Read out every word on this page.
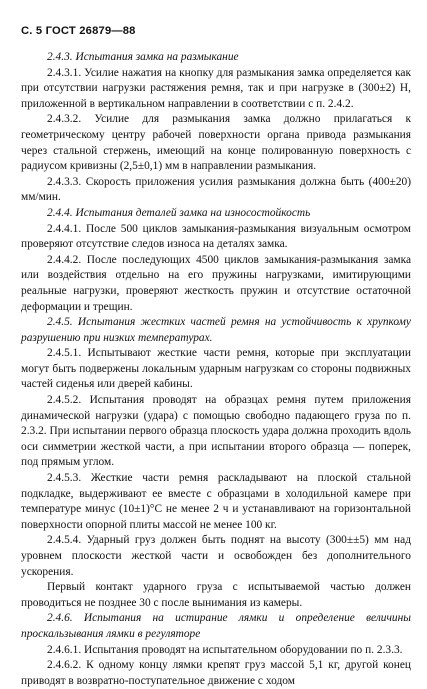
С. 5 ГОСТ 26879—88

2.4.3. Испытания замка на размыкание

2.4.3.1. Усилие нажатия на кнопку для размыкания замка определяется как при отсутствии нагрузки растяжения ремня, так и при нагрузке в (300±2) Н, приложенной в вертикальном направлении в соответствии с п. 2.4.2.

2.4.3.2. Усилие для размыкания замка должно прилагаться к геометрическому центру рабочей поверхности органа привода размыкания через стальной стержень, имеющий на конце полированную поверхность с радиусом кривизны (2,5±0,1) мм в направлении размыкания.

2.4.3.3. Скорость приложения усилия размыкания должна быть (400±20) мм/мин.

2.4.4. Испытания деталей замка на износостойкость

2.4.4.1. После 500 циклов замыкания-размыкания визуальным осмотром проверяют отсутствие следов износа на деталях замка.

2.4.4.2. После последующих 4500 циклов замыкания-размыкания замка или воздействия отдельно на его пружины нагрузками, имитирующими реальные нагрузки, проверяют жесткость пружин и отсутствие остаточной деформации и трещин.

2.4.5. Испытания жестких частей ремня на устойчивость к хрупкому разрушению при низких температурах.

2.4.5.1. Испытывают жесткие части ремня, которые при эксплуатации могут быть подвержены локальным ударным нагрузкам со стороны подвижных частей сиденья или дверей кабины.

2.4.5.2. Испытания проводят на образцах ремня путем приложения динамической нагрузки (удара) с помощью свободно падающего груза по п. 2.3.2. При испытании первого образца плоскость удара должна проходить вдоль оси симметрии жесткой части, а при испытании второго образца — поперек, под прямым углом.

2.4.5.3. Жесткие части ремня раскладывают на плоской стальной подкладке, выдерживают ее вместе с образцами в холодильной камере при температуре минус (10±1)°С не менее 2 ч и устанавливают на горизонтальной поверхности опорной плиты массой не менее 100 кг.

2.4.5.4. Ударный груз должен быть поднят на высоту (300±±5) мм над уровнем плоскости жесткой части и освобожден без дополнительного ускорения.

Первый контакт ударного груза с испытываемой частью должен проводиться не позднее 30 с после вынимания из камеры.

2.4.6. Испытания на истирание лямки и определение величины проскальзывания лямки в регуляторе

2.4.6.1. Испытания проводят на испытательном оборудовании по п. 2.3.3.

2.4.6.2. К одному концу лямки крепят груз массой 5,1 кг, другой конец приводят в возвратно-поступательное движение с ходом
